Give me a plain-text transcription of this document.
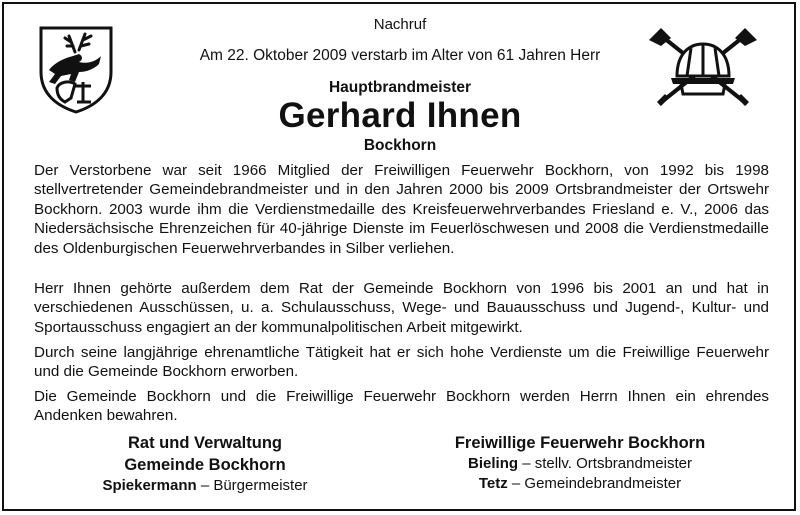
Nachruf
Am 22. Oktober 2009 verstarb im Alter von 61 Jahren Herr
Hauptbrandmeister
Gerhard Ihnen
Bockhorn

Der Verstorbene war seit 1966 Mitglied der Freiwilligen Feuerwehr Bockhorn, von 1992 bis 1998 stellvertretender Gemeindebrandmeister und in den Jahren 2000 bis 2009 Ortsbrandmeister der Ortswehr Bockhorn. 2003 wurde ihm die Verdienstmedaille des Kreisfeuerwehrverbandes Friesland e. V., 2006 das Niedersächsische Ehrenzeichen für 40-jährige Dienste im Feuerlöschwesen und 2008 die Verdienstmedaille des Oldenburgischen Feuerwehrverbandes in Silber verliehen.

Herr Ihnen gehörte außerdem dem Rat der Gemeinde Bockhorn von 1996 bis 2001 an und hat in verschiedenen Ausschüssen, u. a. Schulausschuss, Wege- und Bauausschuss und Jugend-, Kultur- und Sportausschuss engagiert an der kommunalpolitischen Arbeit mitgewirkt.

Durch seine langjährige ehrenamtliche Tätigkeit hat er sich hohe Verdienste um die Freiwillige Feuerwehr und die Gemeinde Bockhorn erworben.

Die Gemeinde Bockhorn und die Freiwillige Feuerwehr Bockhorn werden Herrn Ihnen ein ehrendes Andenken bewahren.

Rat und Verwaltung
Gemeinde Bockhorn
Spiekermann – Bürgermeister
Freiwillige Feuerwehr Bockhorn
Bieling – stellv. Ortsbrandmeister
Tetz – Gemeindebrandmeister
